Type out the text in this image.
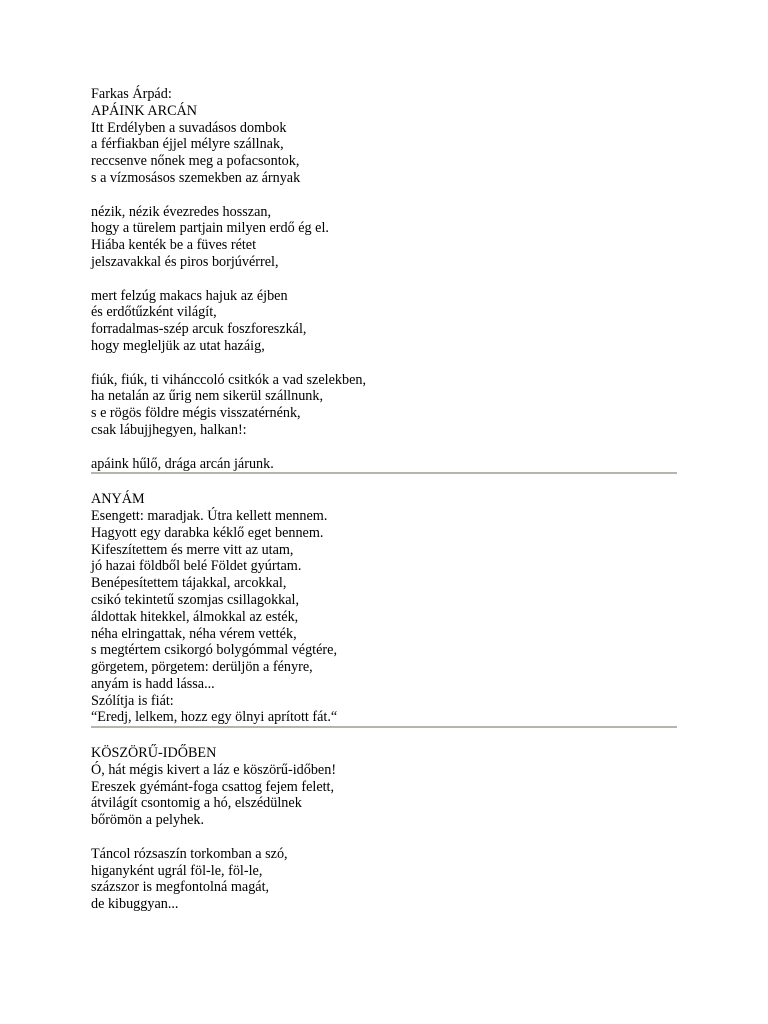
Farkas Árpád:
APÁINK ARCÁN
Itt Erdélyben a suvadásos dombok
a férfiakban éjjel mélyre szállnak,
reccsenve nőnek meg a pofacsontok,
s a vízmosásos szemekben az árnyak
nézik, nézik évezredes hosszan,
hogy a türelem partjain milyen erdő ég el.
Hiába kenték be a füves rétet
jelszavakkal és piros borjúvérrel,
mert felzúg makacs hajuk az éjben
és erdőtűzként világít,
forradalmas-szép arcuk foszforeszkál,
hogy megleljük az utat hazáig,
fiúk, fiúk, ti vihánccoló csitkók a vad szelekben,
ha netalán az űrig nem sikerül szállnunk,
s e rögös földre mégis visszatérnénk,
csak lábujjhegyen, halkan!:
apáink hűlő, drága arcán járunk.
ANYÁM
Esengett: maradjak. Útra kellett mennem.
Hagyott egy darabka kéklő eget bennem.
Kifeszítettem és merre vitt az utam,
jó hazai földből belé Földet gyúrtam.
Benépesítettem tájakkal, arcokkal,
csikó tekintetű szomjas csillagokkal,
áldottak hitekkel, álmokkal az esték,
néha elringattak, néha vérem vették,
s megtértem csikorgó bolygómmal végtére,
görgetem, pörgetem: derüljön a fényre,
anyám is hadd lássa...
Szólítja is fiát:
“Eredj, lelkem, hozz egy ölnyi aprított fát.“
KÖSZÖRŰ-IDŐBEN
Ó, hát mégis kivert a láz e köszörű-időben!
Ereszek gyémánt-foga csattog fejem felett,
átvilágít csontomig a hó, elszédülnek
bőrömön a pelyhek.
Táncol rózsaszín torkomban a szó,
higanyként ugrál föl-le, föl-le,
százszor is megfontolná magát,
de kibuggyan...
